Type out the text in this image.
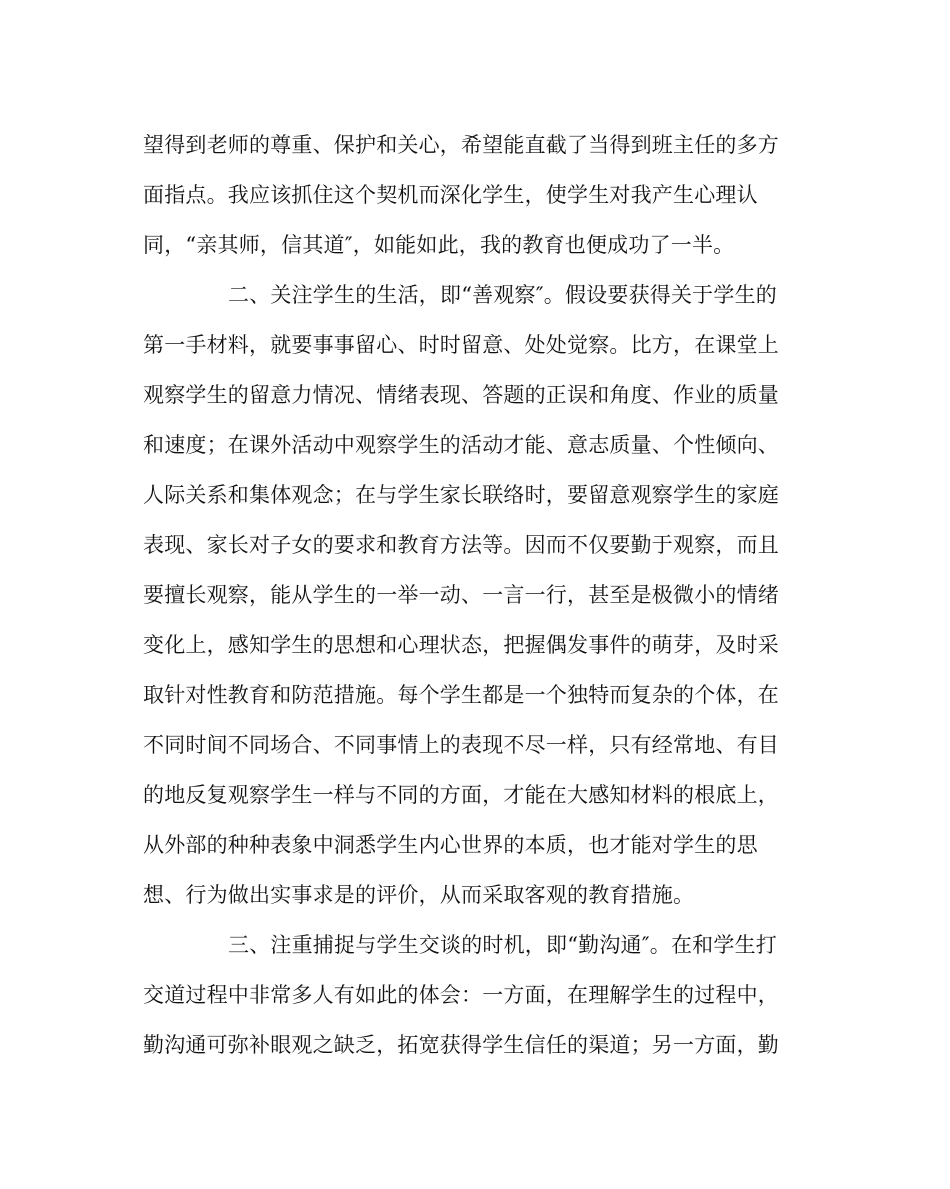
望得到老师的尊重、保护和关心，希望能直截了当得到班主任的多方
面指点。我应该抓住这个契机而深化学生，使学生对我产生心理认
同，“亲其师，信其道″，如能如此，我的教育也便成功了一半。
二、关注学生的生活，即“善观察″。假设要获得关于学生的
第一手材料，就要事事留心、时时留意、处处觉察。比方，在课堂上
观察学生的留意力情况、情绪表现、答题的正误和角度、作业的质量
和速度；在课外活动中观察学生的活动才能、意志质量、个性倾向、
人际关系和集体观念；在与学生家长联络时，要留意观察学生的家庭
表现、家长对子女的要求和教育方法等。因而不仅要勤于观察，而且
要擅长观察，能从学生的一举一动、一言一行，甚至是极微小的情绪
变化上，感知学生的思想和心理状态，把握偶发事件的萌芽，及时采
取针对性教育和防范措施。每个学生都是一个独特而复杂的个体，在
不同时间不同场合、不同事情上的表现不尽一样，只有经常地、有目
的地反复观察学生一样与不同的方面，才能在大感知材料的根底上，
从外部的种种表象中洞悉学生内心世界的本质，也才能对学生的思
想、行为做出实事求是的评价，从而采取客观的教育措施。
三、注重捕捉与学生交谈的时机，即“勤沟通″。在和学生打
交道过程中非常多人有如此的体会：一方面，在理解学生的过程中，
勤沟通可弥补眼观之缺乏，拓宽获得学生信任的渠道；另一方面，勤
